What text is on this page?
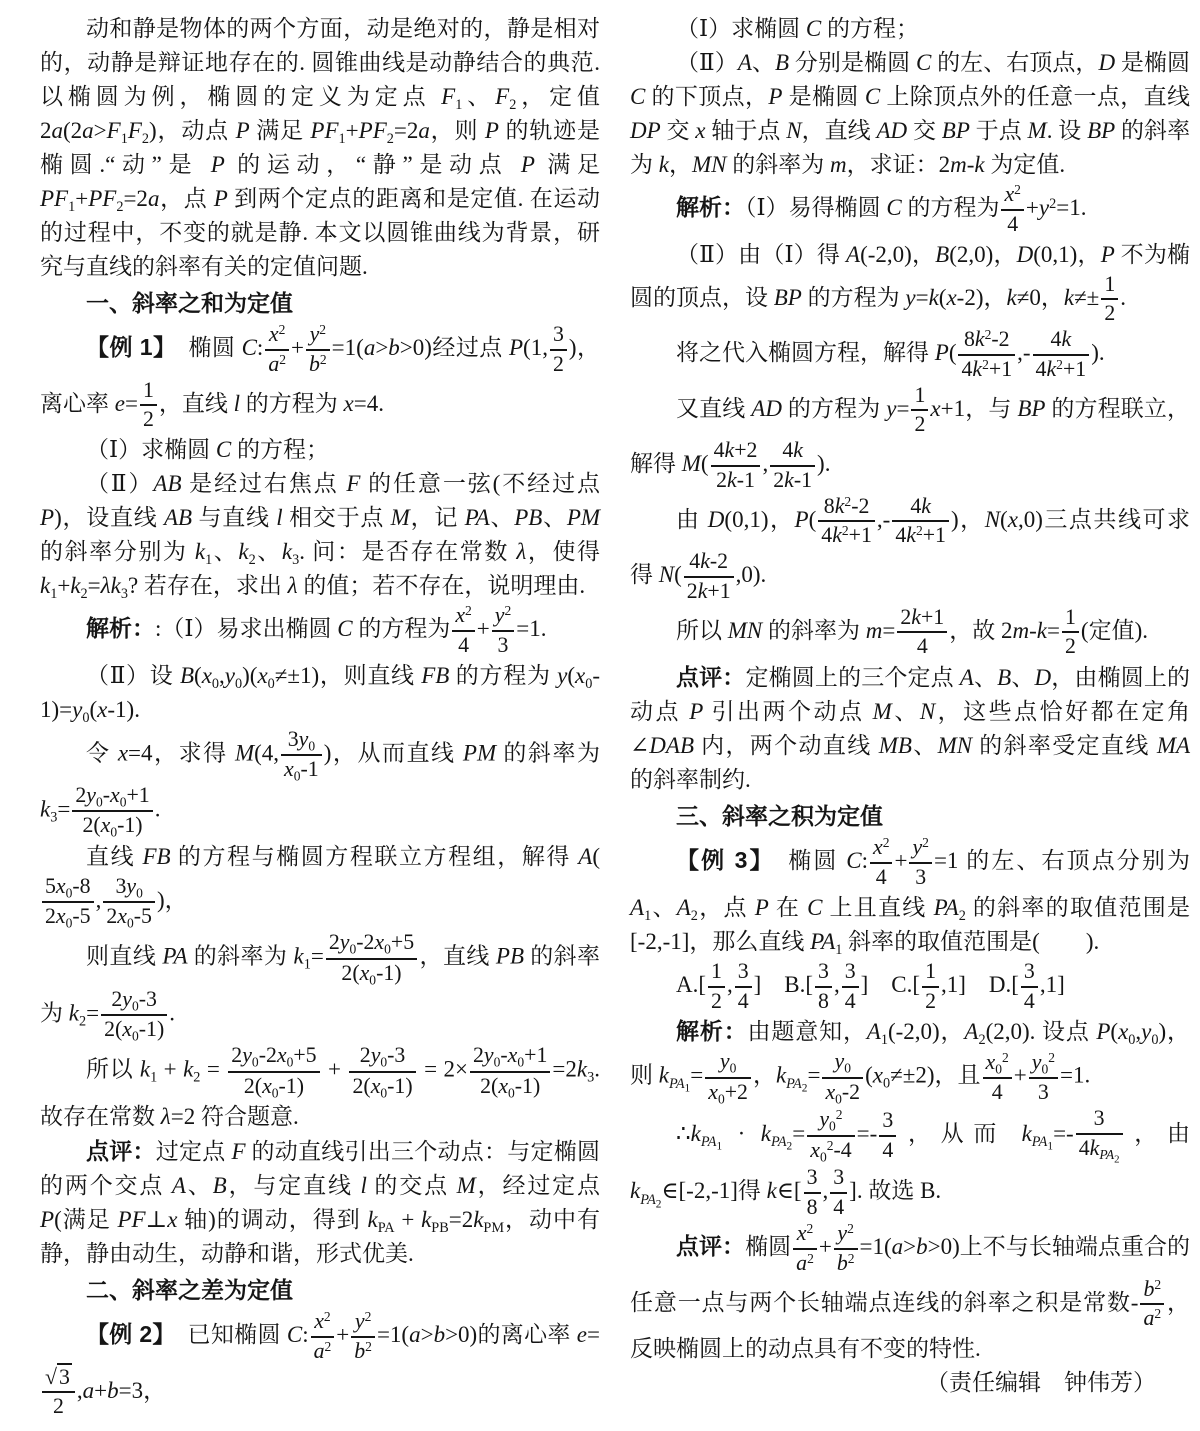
动和静是物体的两个方面，动是绝对的，静是相对的，动静是辩证地存在的. 圆锥曲线是动静结合的典范. 以椭圆为例，椭圆的定义为定点 $F_1$、$F_2$，定值 $2a(2a>F_1F_2)$，动点 P 满足 $PF_1+PF_2=2a$，则 P 的轨迹是椭圆.“动”是 P 的运动，“静”是动点 P 满足 $PF_1+PF_2=2a$，点 P 到两个定点的距离和是定值. 在运动的过程中，不变的就是静. 本文以圆锥曲线为背景，研究与直线的斜率有关的定值问题.

一、斜率之和为定值

【例 1】　椭圆 C: $\frac{x^2}{a^2} + \frac{y^2}{b^2} =1(a>b>0)$经过点 P(1, $\frac{3}{2}$ )，离心率 $e= \frac{1}{2}$ ，直线 l 的方程为 x=4.

（Ⅰ）求椭圆 C 的方程；

（Ⅱ）AB 是经过右焦点 F 的任意一弦(不经过点 P)，设直线 AB 与直线 l 相交于点 M，记 PA、PB、PM 的斜率分别为 $k_1$、$k_2$、$k_3$. 问：是否存在常数 λ，使得 $k_1+k_2=\lambda k_3$? 若存在，求出 λ 的值；若不存在，说明理由.

解析：:（Ⅰ）易求出椭圆 C 的方程为 $\frac{x^2}{4} + \frac{y^2}{3} =1$.

（Ⅱ）设 $B(x_0,y_0)(x_0\ne\pm 1)$，则直线 FB 的方程为 $y(x_0-1)=y_0(x-1)$.

令 x=4，求得 M(4, $\frac{3y_0}{x_0-1}$ )，从而直线 PM 的斜率为 $k_3= \frac{2y_0-x_0+1}{2(x_0-1)}$ .

直线 FB 的方程与椭圆方程联立方程组，解得 A(
$\frac{5x_0-8}{2x_0-5}$ , $\frac{3y_0}{2x_0-5}$ )，

则直线 PA 的斜率为 $k_1= \frac{2y_0-2x_0+5}{2(x_0-1)}$ ，直线 PB 的斜率为 $k_2= \frac{2y_0-3}{2(x_0-1)}$ .

所以 $k_1 + k_2 = \frac{2y_0-2x_0+5}{2(x_0-1)} + \frac{2y_0-3}{2(x_0-1)} = 2\times \frac{2y_0-x_0+1}{2(x_0-1)} =2k_3$. 故存在常数 λ=2 符合题意.

点评：过定点 F 的动直线引出三个动点：与定椭圆的两个交点 A、B，与定直线 l 的交点 M，经过定点 P(满足 PF⊥x 轴)的调动，得到 $k_{PA} + k_{PB}=2k_{PM}$，动中有静，静由动生，动静和谐，形式优美.

二、斜率之差为定值

【例 2】　已知椭圆 C: $\frac{x^2}{a^2} + \frac{y^2}{b^2} =1(a>b>0)$的离心率 e=
$\frac{√3}{2} ,a+b=3$，

（Ⅰ）求椭圆 C 的方程；

（Ⅱ）A、B 分别是椭圆 C 的左、右顶点，D 是椭圆 C 的下顶点，P 是椭圆 C 上除顶点外的任意一点，直线 DP 交 x 轴于点 N，直线 AD 交 BP 于点 M. 设 BP 的斜率为 k，MN 的斜率为 m，求证：2m-k 为定值.

解析：（Ⅰ）易得椭圆 C 的方程为 $\frac{x^2}{4} +y^2=1$.

（Ⅱ）由（Ⅰ）得 A(-2,0)，B(2,0)，D(0,1)，P 不为椭圆的顶点，设 BP 的方程为 y=k(x-2)，k≠0，$k\ne\pm \frac{1}{2}$ .

将之代入椭圆方程，解得 $P( \frac{8k^2-2}{4k^2+1}$ ,- $\frac{4k}{4k^2+1}$ ).

又直线 AD 的方程为 $y= \frac{1}{2} x+1$，与 BP 的方程联立，解得 $M( \frac{4k+2}{2k-1}$ , $\frac{4k}{2k-1}$ ).

由 D(0,1)，$P( \frac{8k^2-2}{4k^2+1}$ ,- $\frac{4k}{4k^2+1}$ )，N(x,0)三点共线可求得 $N( \frac{4k-2}{2k+1} ,0)$.

所以 MN 的斜率为 $m= \frac{2k+1}{4}$ ，故 $2m-k= \frac{1}{2}$ (定值).

点评：定椭圆上的三个定点 A、B、D，由椭圆上的动点 P 引出两个动点 M、N，这些点恰好都在定角∠DAB 内，两个动直线 MB、MN 的斜率受定直线 MA 的斜率制约.

三、斜率之积为定值

【例 3】　椭圆 C: $\frac{x^2}{4} + \frac{y^2}{3} =1$ 的左、右顶点分别为 $A_1$、$A_2$，点 P 在 C 上且直线 $PA_2$ 的斜率的取值范围是[-2,-1]，那么直线 $PA_1$ 斜率的取值范围是(　　).

$A.[ \frac{1}{2}$ , $\frac{3}{4}$ ]　$B.[ \frac{3}{8}$ , $\frac{3}{4}$ ]　$C.[ \frac{1}{2} ,1]$　$D.[ \frac{3}{4} ,1]$

解析：由题意知，$A_1(-2,0)$，$A_2(2,0)$. 设点 $P(x_0,y_0)$，则 $k_{PA_1}= \frac{y_0}{x_0+2}$ ，$k_{PA_2}= \frac{y_0}{x_0-2} (x_0\ne\pm 2)$，且 $\frac{x_0^2}{4} + \frac{y_0^2}{3} =1$.

$\therefore k_{PA_1} \cdot k_{PA_2}= \frac{y_0^2}{x_0^2-4} =- \frac{3}{4}$ ，从而 $k_{PA_1}=- \frac{3}{4k_{PA_2}}$ ，由 $k_{PA_2}\in[-2,-1]$得 k∈[ $\frac{3}{8}$ , $\frac{3}{4}$ ]. 故选 B.

点评：椭圆 $\frac{x^2}{a^2} + \frac{y^2}{b^2} =1(a>b>0)$上不与长轴端点重合的任意一点与两个长轴端点连线的斜率之积是常数- $\frac{b^2}{a^2}$ ，反映椭圆上的动点具有不变的特性.

（责任编辑　钟伟芳）
